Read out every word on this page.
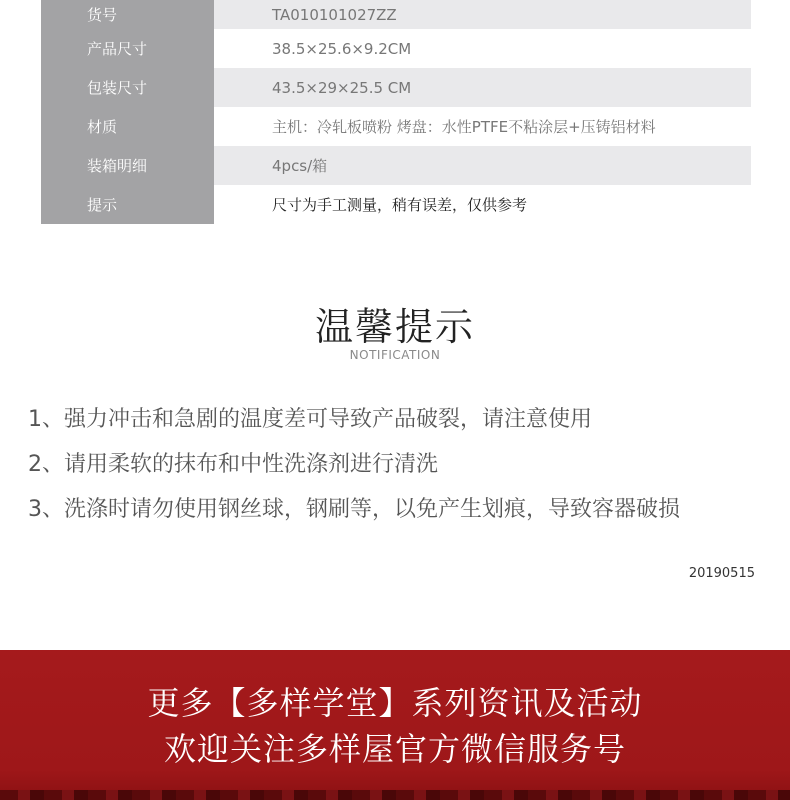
货号	TA010101027ZZ
产品尺寸	38.5×25.6×9.2CM
包装尺寸	43.5×29×25.5 CM
材质	主机：冷轧板喷粉 烤盘：水性PTFE不粘涂层+压铸铝材料
装箱明细	4pcs/箱
提示	尺寸为手工测量，稍有误差，仅供参考
温馨提示
NOTIFICATION
1、强力冲击和急剧的温度差可导致产品破裂，请注意使用
2、请用柔软的抹布和中性洗涤剂进行清洗
3、洗涤时请勿使用钢丝球，钢刷等，以免产生划痕，导致容器破损
20190515
更多【多样学堂】系列资讯及活动
欢迎关注多样屋官方微信服务号
